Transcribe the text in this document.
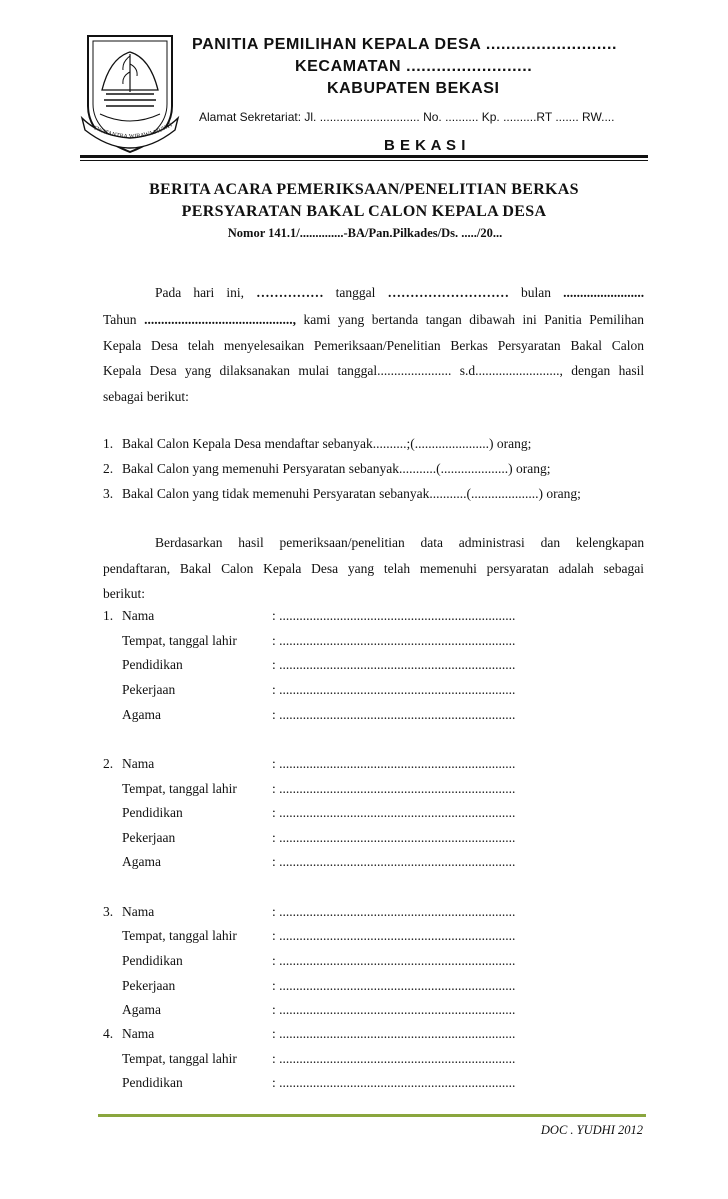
SWATANTRA WIBAWA MUKTI
PANITIA PEMILIHAN KEPALA DESA ..........................
KECAMATAN .........................
KABUPATEN BEKASI
Alamat Sekretariat: Jl. .............................. No. .......... Kp. ..........RT ....... RW....
B E K A S I
BERITA ACARA PEMERIKSAAN/PENELITIAN BERKAS
PERSYARATAN BAKAL CALON KEPALA DESA
Nomor 141.1/..............-BA/Pan.Pilkades/Ds. ...../20...
Pada hari ini, …………… tanggal ……………………… bulan ........................
Tahun ............................................, kami yang bertanda tangan dibawah ini Panitia Pemilihan
Kepala Desa telah menyelesaikan Pemeriksaan/Penelitian Berkas Persyaratan Bakal Calon
Kepala Desa yang dilaksanakan mulai tanggal...................... s.d........................., dengan hasil
sebagai berikut:
1. Bakal Calon Kepala Desa mendaftar sebanyak..........;(......................) orang;
2. Bakal Calon yang memenuhi Persyaratan sebanyak...........(....................) orang;
3. Bakal Calon yang tidak memenuhi Persyaratan sebanyak...........(....................) orang;
Berdasarkan hasil pemeriksaan/penelitian data administrasi dan kelengkapan
pendaftaran, Bakal Calon Kepala Desa yang telah memenuhi persyaratan adalah sebagai
berikut:
1. Nama	: ......................................................................
Tempat, tanggal lahir	: ......................................................................
Pendidikan	: ......................................................................
Pekerjaan	: ......................................................................
Agama	: ......................................................................
2. Nama	: ......................................................................
Tempat, tanggal lahir	: ......................................................................
Pendidikan	: ......................................................................
Pekerjaan	: ......................................................................
Agama	: ......................................................................
3. Nama	: ......................................................................
Tempat, tanggal lahir	: ......................................................................
Pendidikan	: ......................................................................
Pekerjaan	: ......................................................................
Agama	: ......................................................................
4. Nama	: ......................................................................
Tempat, tanggal lahir	: ......................................................................
Pendidikan	: ......................................................................
DOC . YUDHI 2012
